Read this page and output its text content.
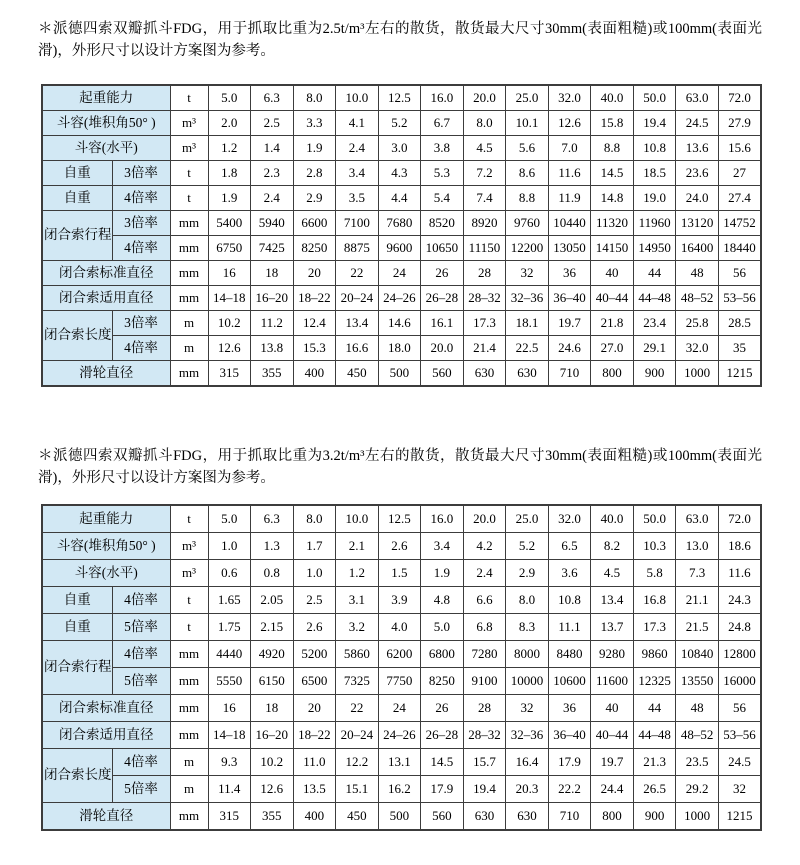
＊派德四索双瓣抓斗FDG，用于抓取比重为2.5t/m³左右的散货，散货最大尺寸30mm(表面粗糙)或100mm(表面光滑)，外形尺寸以设计方案图为参考。

起重能力		t	5.0	6.3	8.0	10.0	12.5	16.0	20.0	25.0	32.0	40.0	50.0	63.0	72.0
斗容(堆积角50° )		m³	2.0	2.5	3.3	4.1	5.2	6.7	8.0	10.1	12.6	15.8	19.4	24.5	27.9
斗容(水平)		m³	1.2	1.4	1.9	2.4	3.0	3.8	4.5	5.6	7.0	8.8	10.8	13.6	15.6
自重	3倍率	t	1.8	2.3	2.8	3.4	4.3	5.3	7.2	8.6	11.6	14.5	18.5	23.6	27
自重	4倍率	t	1.9	2.4	2.9	3.5	4.4	5.4	7.4	8.8	11.9	14.8	19.0	24.0	27.4
闭合索行程	3倍率	mm	5400	5940	6600	7100	7680	8520	8920	9760	10440	11320	11960	13120	14752
	4倍率	mm	6750	7425	8250	8875	9600	10650	11150	12200	13050	14150	14950	16400	18440
闭合索标准直径		mm	16	18	20	22	24	26	28	32	36	40	44	48	56
闭合索适用直径		mm	14–18	16–20	18–22	20–24	24–26	26–28	28–32	32–36	36–40	40–44	44–48	48–52	53–56
闭合索长度	3倍率	m	10.2	11.2	12.4	13.4	14.6	16.1	17.3	18.1	19.7	21.8	23.4	25.8	28.5
	4倍率	m	12.6	13.8	15.3	16.6	18.0	20.0	21.4	22.5	24.6	27.0	29.1	32.0	35
滑轮直径		mm	315	355	400	450	500	560	630	630	710	800	900	1000	1215

＊派德四索双瓣抓斗FDG，用于抓取比重为3.2t/m³左右的散货，散货最大尺寸30mm(表面粗糙)或100mm(表面光滑)，外形尺寸以设计方案图为参考。

起重能力		t	5.0	6.3	8.0	10.0	12.5	16.0	20.0	25.0	32.0	40.0	50.0	63.0	72.0
斗容(堆积角50° )		m³	1.0	1.3	1.7	2.1	2.6	3.4	4.2	5.2	6.5	8.2	10.3	13.0	18.6
斗容(水平)		m³	0.6	0.8	1.0	1.2	1.5	1.9	2.4	2.9	3.6	4.5	5.8	7.3	11.6
自重	4倍率	t	1.65	2.05	2.5	3.1	3.9	4.8	6.6	8.0	10.8	13.4	16.8	21.1	24.3
自重	5倍率	t	1.75	2.15	2.6	3.2	4.0	5.0	6.8	8.3	11.1	13.7	17.3	21.5	24.8
闭合索行程	4倍率	mm	4440	4920	5200	5860	6200	6800	7280	8000	8480	9280	9860	10840	12800
	5倍率	mm	5550	6150	6500	7325	7750	8250	9100	10000	10600	11600	12325	13550	16000
闭合索标准直径		mm	16	18	20	22	24	26	28	32	36	40	44	48	56
闭合索适用直径		mm	14–18	16–20	18–22	20–24	24–26	26–28	28–32	32–36	36–40	40–44	44–48	48–52	53–56
闭合索长度	4倍率	m	9.3	10.2	11.0	12.2	13.1	14.5	15.7	16.4	17.9	19.7	21.3	23.5	24.5
	5倍率	m	11.4	12.6	13.5	15.1	16.2	17.9	19.4	20.3	22.2	24.4	26.5	29.2	32
滑轮直径		mm	315	355	400	450	500	560	630	630	710	800	900	1000	1215
